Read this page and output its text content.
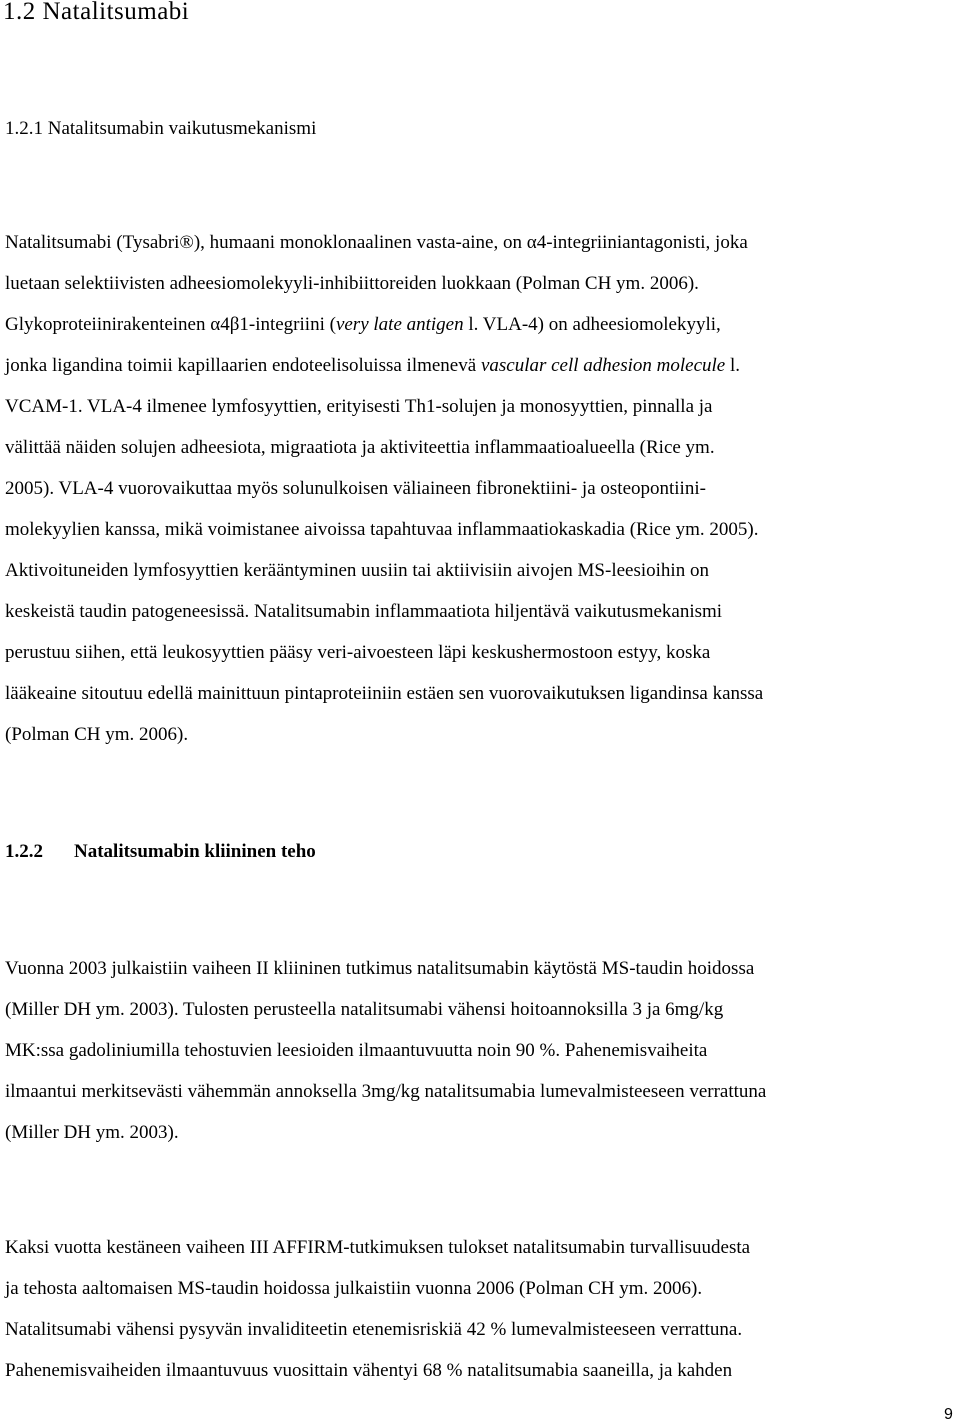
1.2 Natalitsumabi
1.2.1 Natalitsumabin vaikutusmekanismi
Natalitsumabi (Tysabri®), humaani monoklonaalinen vasta-aine, on α4-integriiniantagonisti, joka
luetaan selektiivisten adheesiomolekyyli-inhibiittoreiden luokkaan (Polman CH ym. 2006).
Glykoproteiinirakenteinen α4β1-integriini (very late antigen l. VLA-4) on adheesiomolekyyli,
jonka ligandina toimii kapillaarien endoteelisoluissa ilmenevä vascular cell adhesion molecule l.
VCAM-1. VLA-4 ilmenee lymfosyyttien, erityisesti Th1-solujen ja monosyyttien, pinnalla ja
välittää näiden solujen adheesiota, migraatiota ja aktiviteettia inflammaatioalueella (Rice ym.
2005). VLA-4 vuorovaikuttaa myös solunulkoisen väliaineen fibronektiini- ja osteopontiini-
molekyylien kanssa, mikä voimistanee aivoissa tapahtuvaa inflammaatiokaskadia (Rice ym. 2005).
Aktivoituneiden lymfosyyttien kerääntyminen uusiin tai aktiivisiin aivojen MS-leesioihin on
keskeistä taudin patogeneesissä. Natalitsumabin inflammaatiota hiljentävä vaikutusmekanismi
perustuu siihen, että leukosyyttien pääsy veri-aivoesteen läpi keskushermostoon estyy, koska
lääkeaine sitoutuu edellä mainittuun pintaproteiiniin estäen sen vuorovaikutuksen ligandinsa kanssa
(Polman CH ym. 2006).
1.2.2 Natalitsumabin kliininen teho
Vuonna 2003 julkaistiin vaiheen II kliininen tutkimus natalitsumabin käytöstä MS-taudin hoidossa
(Miller DH ym. 2003). Tulosten perusteella natalitsumabi vähensi hoitoannoksilla 3 ja 6mg/kg
MK:ssa gadoliniumilla tehostuvien leesioiden ilmaantuvuutta noin 90 %. Pahenemisvaiheita
ilmaantui merkitsevästi vähemmän annoksella 3mg/kg natalitsumabia lumevalmisteeseen verrattuna
(Miller DH ym. 2003).
Kaksi vuotta kestäneen vaiheen III AFFIRM-tutkimuksen tulokset natalitsumabin turvallisuudesta
ja tehosta aaltomaisen MS-taudin hoidossa julkaistiin vuonna 2006 (Polman CH ym. 2006).
Natalitsumabi vähensi pysyvän invaliditeetin etenemisriskiä 42 % lumevalmisteeseen verrattuna.
Pahenemisvaiheiden ilmaantuvuus vuosittain vähentyi 68 % natalitsumabia saaneilla, ja kahden
9
